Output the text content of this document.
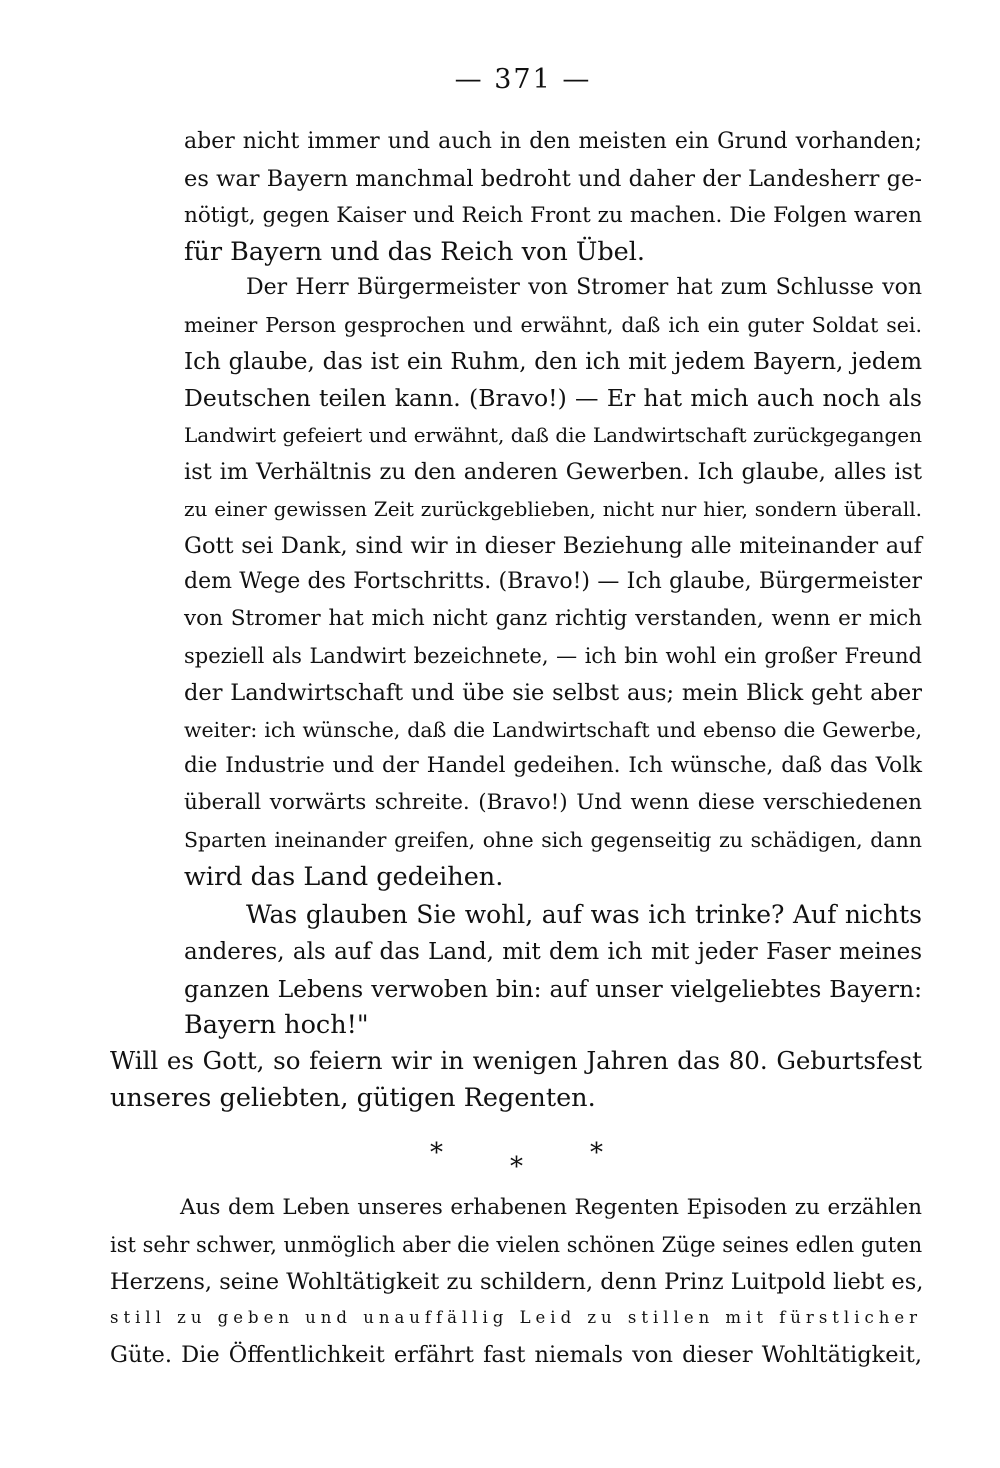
— 371 —
aber nicht immer und auch in den meisten ein Grund vorhanden;
es war Bayern manchmal bedroht und daher der Landesherr ge-
nötigt, gegen Kaiser und Reich Front zu machen. Die Folgen waren
für Bayern und das Reich von Übel.
Der Herr Bürgermeister von Stromer hat zum Schlusse von
meiner Person gesprochen und erwähnt, daß ich ein guter Soldat sei.
Ich glaube, das ist ein Ruhm, den ich mit jedem Bayern, jedem
Deutschen teilen kann. (Bravo!) — Er hat mich auch noch als
Landwirt gefeiert und erwähnt, daß die Landwirtschaft zurückgegangen
ist im Verhältnis zu den anderen Gewerben. Ich glaube, alles ist
zu einer gewissen Zeit zurückgeblieben, nicht nur hier, sondern überall.
Gott sei Dank, sind wir in dieser Beziehung alle miteinander auf
dem Wege des Fortschritts. (Bravo!) — Ich glaube, Bürgermeister
von Stromer hat mich nicht ganz richtig verstanden, wenn er mich
speziell als Landwirt bezeichnete, — ich bin wohl ein großer Freund
der Landwirtschaft und übe sie selbst aus; mein Blick geht aber
weiter: ich wünsche, daß die Landwirtschaft und ebenso die Gewerbe,
die Industrie und der Handel gedeihen. Ich wünsche, daß das Volk
überall vorwärts schreite. (Bravo!) Und wenn diese verschiedenen
Sparten ineinander greifen, ohne sich gegenseitig zu schädigen, dann
wird das Land gedeihen.
Was glauben Sie wohl, auf was ich trinke? Auf nichts
anderes, als auf das Land, mit dem ich mit jeder Faser meines
ganzen Lebens verwoben bin: auf unser vielgeliebtes Bayern:
Bayern hoch!"
Will es Gott, so feiern wir in wenigen Jahren das 80. Geburtsfest
unseres geliebten, gütigen Regenten.
*	*	*
Aus dem Leben unseres erhabenen Regenten Episoden zu erzählen
ist sehr schwer, unmöglich aber die vielen schönen Züge seines edlen guten
Herzens, seine Wohltätigkeit zu schildern, denn Prinz Luitpold liebt es,
still zu geben und unauffällig Leid zu stillen mit fürstlicher
Güte. Die Öffentlichkeit erfährt fast niemals von dieser Wohltätigkeit,
